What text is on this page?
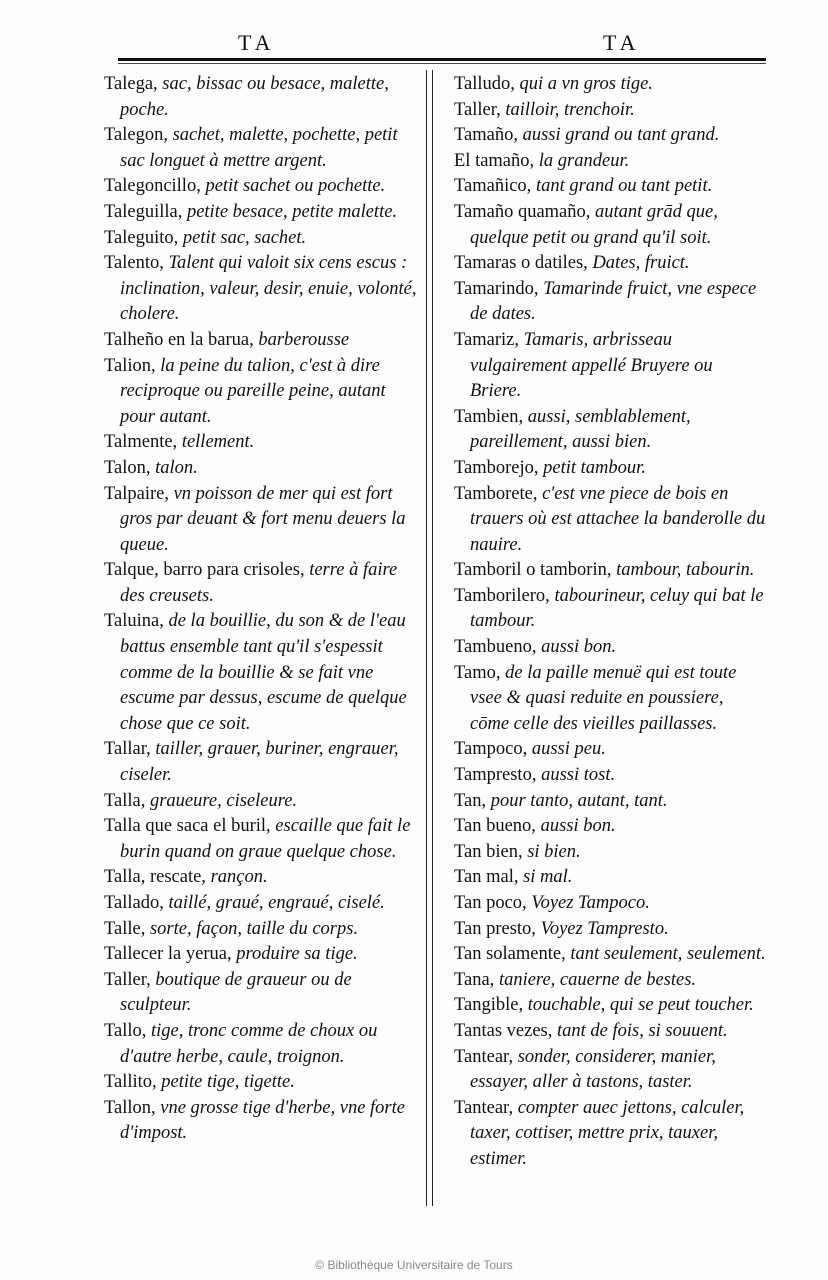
TA	TA

Talega, sac, bissac ou besace, malette, poche.

Talegon, sachet, malette, pochette, petit sac longuet à mettre argent.

Talegoncillo, petit sachet ou pochette.

Taleguilla, petite besace, petite malette.

Taleguito, petit sac, sachet.

Talento, Talent qui valoit six cens escus : inclination, valeur, desir, enuie, volonté, cholere.

Talheño en la barua, barberousse

Talion, la peine du talion, c'est à dire reciproque ou pareille peine, autant pour autant.

Talmente, tellement.

Talon, talon.

Talpaire, vn poisson de mer qui est fort gros par deuant & fort menu deuers la queue.

Talque, barro para crisoles, terre à faire des creusets.

Taluina, de la bouillie, du son & de l'eau battus ensemble tant qu'il s'espessit comme de la bouillie & se fait vne escume par dessus, escume de quelque chose que ce soit.

Tallar, tailler, grauer, buriner, engrauer, ciseler.

Talla, graueure, ciseleure.

Talla que saca el buril, escaille que fait le burin quand on graue quelque chose.

Talla, rescate, rançon.

Tallado, taillé, graué, engraué, ciselé.

Talle, sorte, façon, taille du corps.

Tallecer la yerua, produire sa tige.

Taller, boutique de graueur ou de sculpteur.

Tallo, tige, tronc comme de choux ou d'autre herbe, caule, troignon.

Tallito, petite tige, tigette.

Tallon, vne grosse tige d'herbe, vne forte d'impost.

Talludo, qui a vn gros tige.

Taller, tailloir, trenchoir.

Tamaño, aussi grand ou tant grand.

El tamaño, la grandeur.

Tamañico, tant grand ou tant petit.

Tamaño quamaño, autant grād que, quelque petit ou grand qu'il soit.

Tamaras o datiles, Dates, fruict.

Tamarindo, Tamarinde fruict, vne espece de dates.

Tamariz, Tamaris, arbrisseau vulgairement appellé Bruyere ou Briere.

Tambien, aussi, semblablement, pareillement, aussi bien.

Tamborejo, petit tambour.

Tamborete, c'est vne piece de bois en trauers où est attachee la banderolle du nauire.

Tamboril o tamborin, tambour, tabourin.

Tamborilero, tabourineur, celuy qui bat le tambour.

Tambueno, aussi bon.

Tamo, de la paille menuë qui est toute vsee & quasi reduite en poussiere, cōme celle des vieilles paillasses.

Tampoco, aussi peu.

Tampresto, aussi tost.

Tan, pour tanto, autant, tant.

Tan bueno, aussi bon.

Tan bien, si bien.

Tan mal, si mal.

Tan poco, Voyez Tampoco.

Tan presto, Voyez Tampresto.

Tan solamente, tant seulement, seulement.

Tana, taniere, cauerne de bestes.

Tangible, touchable, qui se peut toucher.

Tantas vezes, tant de fois, si souuent.

Tantear, sonder, considerer, manier, essayer, aller à tastons, taster.

Tantear, compter auec jettons, calculer, taxer, cottiser, mettre prix, tauxer, estimer.

© Bibliothèque Universitaire de Tours
